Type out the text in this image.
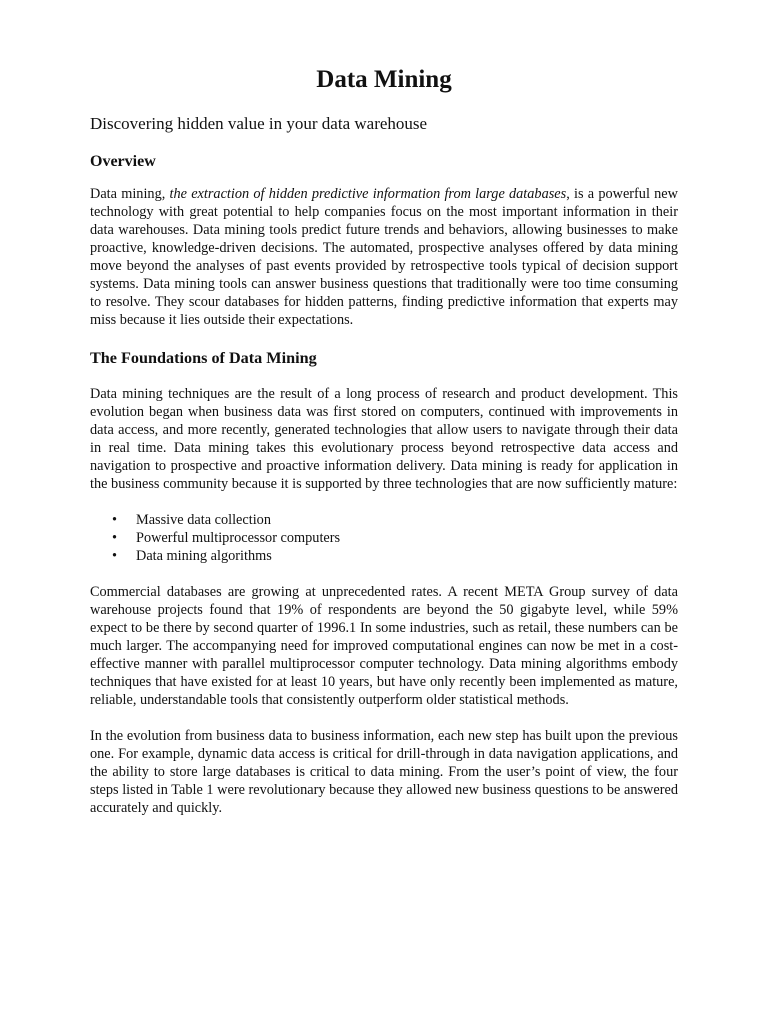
Data Mining
Discovering hidden value in your data warehouse
Overview

Data mining, the extraction of hidden predictive information from large databases, is a powerful new technology with great potential to help companies focus on the most important information in their data warehouses. Data mining tools predict future trends and behaviors, allowing businesses to make proactive, knowledge-driven decisions. The automated, prospective analyses offered by data mining move beyond the analyses of past events provided by retrospective tools typical of decision support systems. Data mining tools can answer business questions that traditionally were too time consuming to resolve. They scour databases for hidden patterns, finding predictive information that experts may miss because it lies outside their expectations.

The Foundations of Data Mining

Data mining techniques are the result of a long process of research and product development. This evolution began when business data was first stored on computers, continued with improvements in data access, and more recently, generated technologies that allow users to navigate through their data in real time. Data mining takes this evolutionary process beyond retrospective data access and navigation to prospective and proactive information delivery. Data mining is ready for application in the business community because it is supported by three technologies that are now sufficiently mature:

• Massive data collection
• Powerful multiprocessor computers
• Data mining algorithms

Commercial databases are growing at unprecedented rates. A recent META Group survey of data warehouse projects found that 19% of respondents are beyond the 50 gigabyte level, while 59% expect to be there by second quarter of 1996.1 In some industries, such as retail, these numbers can be much larger. The accompanying need for improved computational engines can now be met in a cost-effective manner with parallel multiprocessor computer technology. Data mining algorithms embody techniques that have existed for at least 10 years, but have only recently been implemented as mature, reliable, understandable tools that consistently outperform older statistical methods.

In the evolution from business data to business information, each new step has built upon the previous one. For example, dynamic data access is critical for drill-through in data navigation applications, and the ability to store large databases is critical to data mining. From the user’s point of view, the four steps listed in Table 1 were revolutionary because they allowed new business questions to be answered accurately and quickly.
